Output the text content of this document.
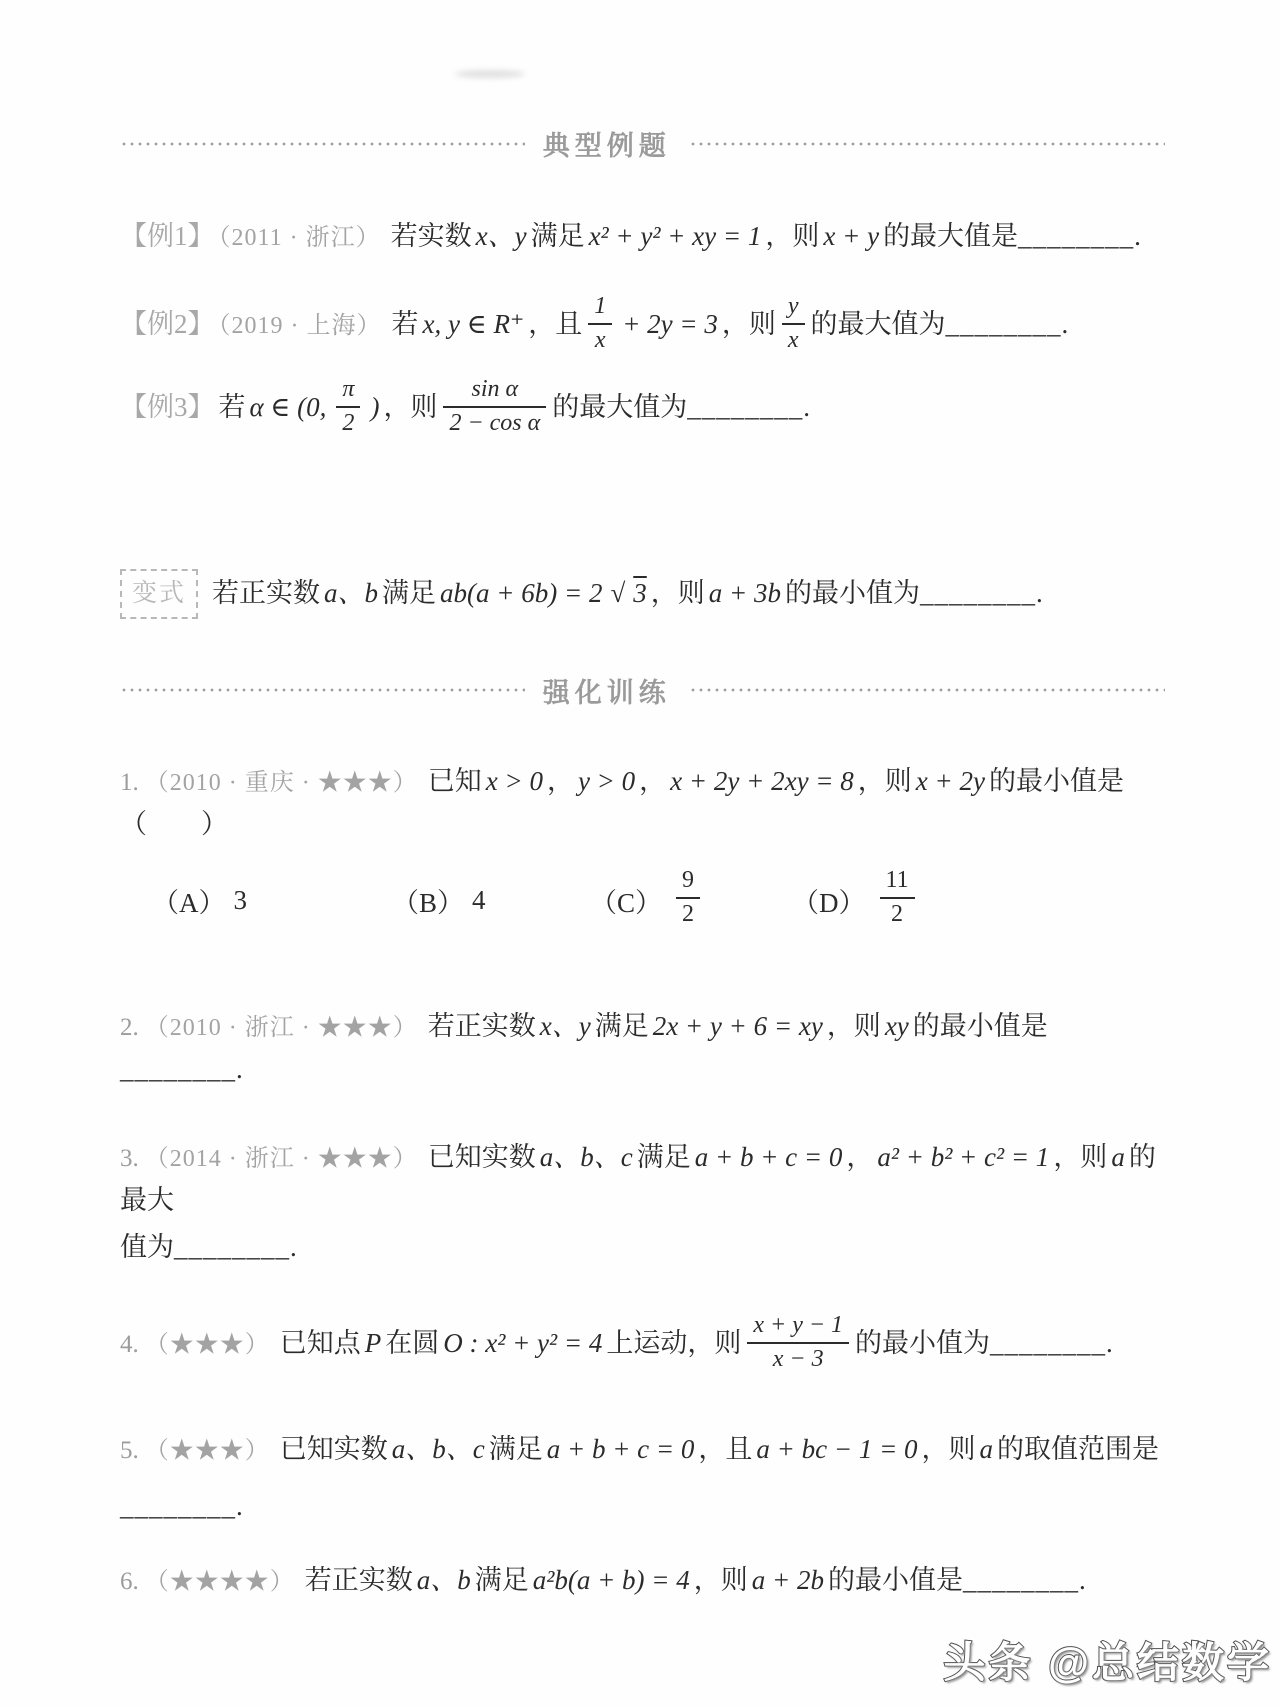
典型例题
【例1】 （2011 · 浙江） 若实数 x、y 满足 x² + y² + xy = 1 ，则 x + y 的最大值是________.
【例2】 （2019 · 上海） 若 x, y ∈ R⁺ ，且 $\frac{1}{x} + 2y = 3$ ，则 $\frac{y}{x}$ 的最大值为________.
【例3】 若 α ∈ (0, $\frac{\pi}{2}$ ) ，则 $\frac{\text{sin α}}{\text{2 − cos α}}$ 的最大值为________.
变式 若正实数 a、b 满足 ab(a + 6b) = 2 √ 3 ，则 a + 3b 的最小值为________.
强化训练
1. （2010 · 重庆 · ★★★） 已知 x > 0 ， y > 0 ， x + 2y + 2xy = 8 ，则 x + 2y 的最小值是（　　）
（A） 3	（B） 4	$(C) \frac{9}{2}$	$(D) \frac{11}{2}$
2. （2010 · 浙江 · ★★★） 若正实数 x、y 满足 2x + y + 6 = xy ，则 xy 的最小值是________.
3. （2014 · 浙江 · ★★★） 已知实数 a、b、c 满足 a + b + c = 0 ， a² + b² + c² = 1 ，则 a 的最大
值为________.
4. （★★★） 已知点 P 在圆 O : x² + y² = 4 上运动，则 $\frac{x + y - 1}{x - 3}$ 的最小值为________.
5. （★★★） 已知实数 a、b、c 满足 a + b + c = 0 ，且 a + bc − 1 = 0 ，则 a 的取值范围是
________.
6. （★★★★） 若正实数 a、b 满足 a²b(a + b) = 4 ，则 a + 2b 的最小值是________.
头条 @总结数学
